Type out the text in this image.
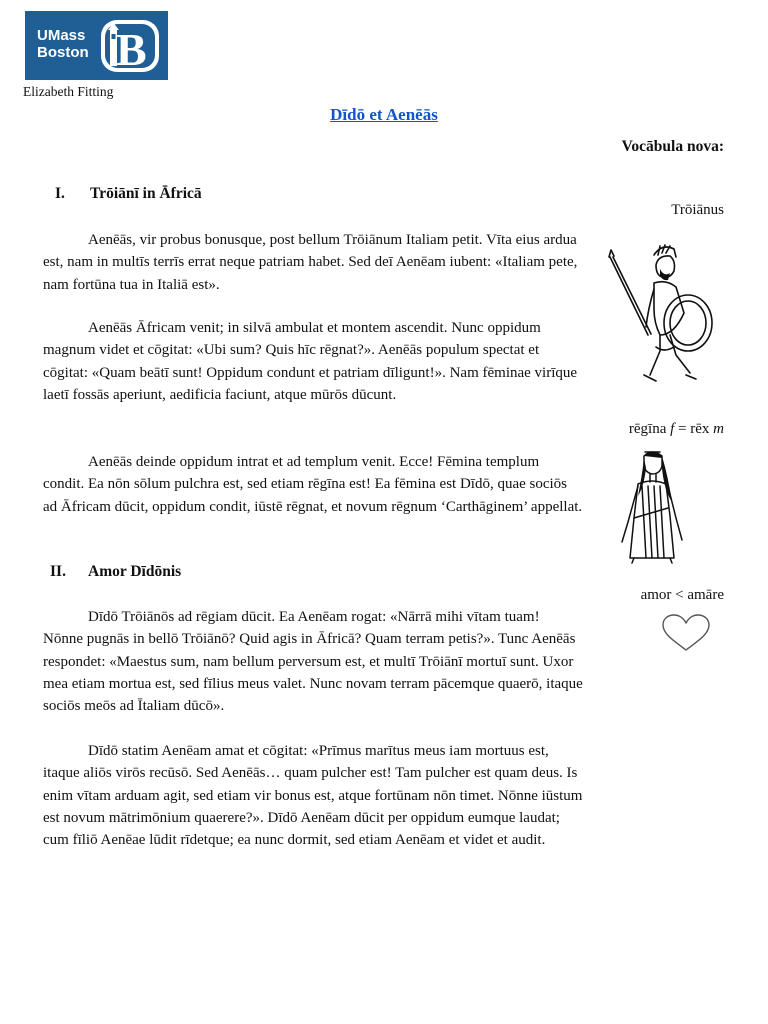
UMass
Boston B
Elizabeth Fitting
Dīdō et Aenēās
Vocābula nova:
Trōiānus
rēgīna f = rēx m
amor < amāre
I. Trōiānī in Āfricā

Aenēās, vir probus bonusque, post bellum Trōiānum Italiam petit. Vīta eius ardua est, nam in multīs terrīs errat neque patriam habet. Sed deī Aenēam iubent: «Italiam pete, nam fortūna tua in Italiā est».

Aenēās Āfricam venit; in silvā ambulat et montem ascendit. Nunc oppidum magnum videt et cōgitat: «Ubi sum? Quis hīc rēgnat?». Aenēās populum spectat et cōgitat: «Quam beātī sunt! Oppidum condunt et patriam dīligunt!». Nam fēminae virīque laetī fossās aperiunt, aedificia faciunt, atque mūrōs dūcunt.

Aenēās deinde oppidum intrat et ad templum venit. Ecce! Fēmina templum condit. Ea nōn sōlum pulchra est, sed etiam rēgīna est! Ea fēmina est Dīdō, quae sociōs ad Āfricam dūcit, oppidum condit, iūstē rēgnat, et novum rēgnum ‘Carthāginem’ appellat.

II. Amor Dīdōnis

Dīdō Trōiānōs ad rēgiam dūcit. Ea Aenēam rogat: «Nārrā mihi vītam tuam! Nōnne pugnās in bellō Trōiānō? Quid agis in Āfricā? Quam terram petis?». Tunc Aenēās respondet: «Maestus sum, nam bellum perversum est, et multī Trōiānī mortuī sunt. Uxor mea etiam mortua est, sed fīlius meus valet. Nunc novam terram pācemque quaerō, itaque sociōs meōs ad Ītaliam dūcō».

Dīdō statim Aenēam amat et cōgitat: «Prīmus marītus meus iam mortuus est, itaque aliōs virōs recūsō. Sed Aenēās… quam pulcher est! Tam pulcher est quam deus. Is enim vītam arduam agit, sed etiam vir bonus est, atque fortūnam nōn timet. Nōnne iūstum est novum mātrimōnium quaerere?». Dīdō Aenēam dūcit per oppidum eumque laudat; cum fīliō Aenēae lūdit rīdetque; ea nunc dormit, sed etiam Aenēam et videt et audit.
